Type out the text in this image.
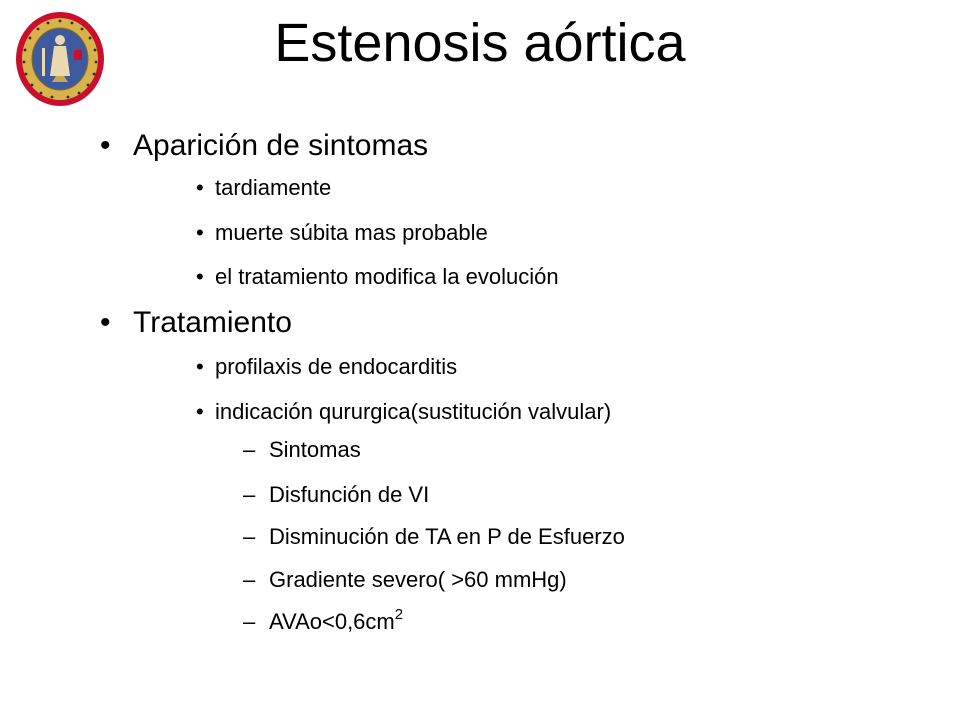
Estenosis aórtica
• Aparición de sintomas
• tardiamente
• muerte súbita mas probable
• el tratamiento modifica la evolución
• Tratamiento
• profilaxis de endocarditis
• indicación qururgica(sustitución valvular)
– Sintomas
– Disfunción de VI
– Disminución de TA en P de Esfuerzo
– Gradiente severo( >60 mmHg)
– $AVAo<0,6cm^2$
